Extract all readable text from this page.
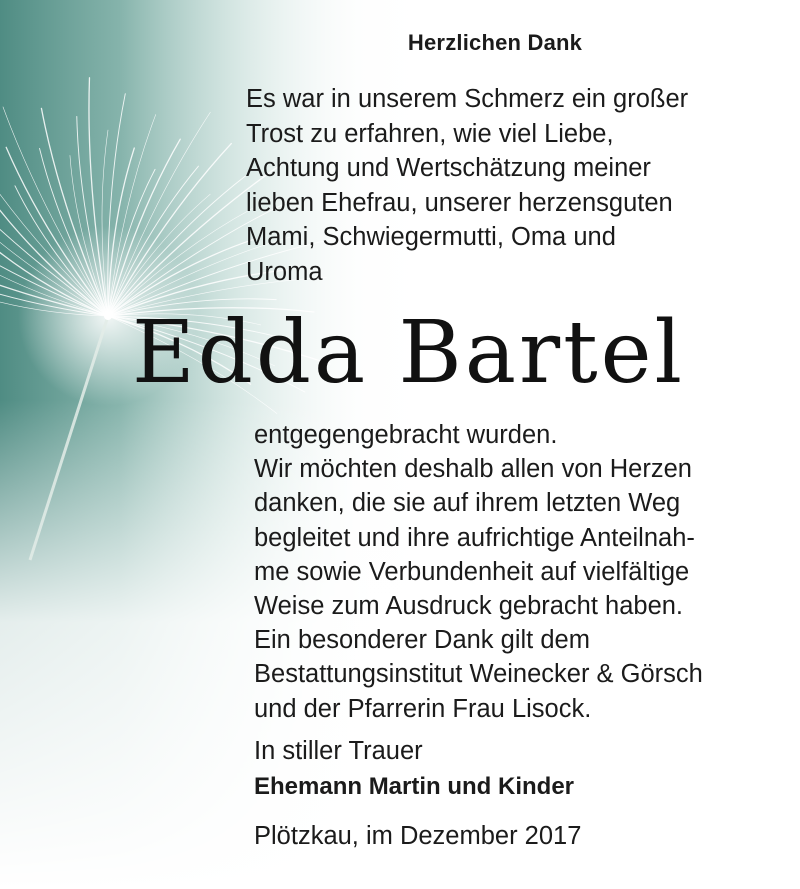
Herzlichen Dank
Es war in unserem Schmerz ein großer
Trost zu erfahren, wie viel Liebe,
Achtung und Wertschätzung meiner
lieben Ehefrau, unserer herzensguten
Mami, Schwiegermutti, Oma und
Uroma
Edda Bartel
entgegengebracht wurden.
Wir möchten deshalb allen von Herzen
danken, die sie auf ihrem letzten Weg
begleitet und ihre aufrichtige Anteilnah-
me sowie Verbundenheit auf vielfältige
Weise zum Ausdruck gebracht haben.
Ein besonderer Dank gilt dem
Bestattungsinstitut Weinecker & Görsch
und der Pfarrerin Frau Lisock.
In stiller Trauer
Ehemann Martin und Kinder
Plötzkau, im Dezember 2017
